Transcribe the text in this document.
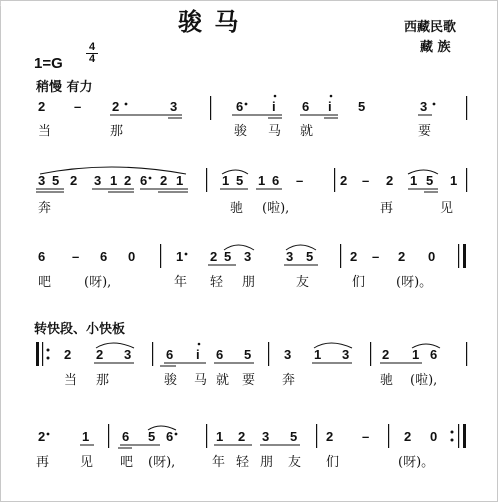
骏 马	西藏民歌
藏 族
1=G
4
4
稍慢 有力
转快段、小快板
2 – 2	3	6 i 6 i 5	3
3 5 2 3 1 2 6 2 1	1 5 1 6 –	2 – 2 1 5 1
6 – 6 0	1 2 5 3	3 5	2 – 2 0
2 2 3	6 i 6 5	3 1 3	2 1 6
2	1	6 5 6	1 2 3 5 2 –	2 0
当	那	骏 马 就	要
奔	驰 (啦),	再	见
吧	(呀),	年 轻 朋	友	们 (呀)。
当 那	骏 马 就 要 奔	驰 (啦),
再 见 吧 (呀),	年 轻 朋 友 们	(呀)。
2 – 2· 3 | 6· i 6 i 5 3· |
3 5 2 3 1 2 6 2 1 | 1 5 1 6 – | 2 – 2 1 5 1 |
6 – 6 0 | 1· 2 5 3 3 5 | 2 – 2 0 ‖
‖: 2 2 3 | 6 i 6 5 | 3 1 3 | 2 1 6 |
2· 1 | 6 5 6 | 1 2 3 5 | 2 – | 2 0 :‖
